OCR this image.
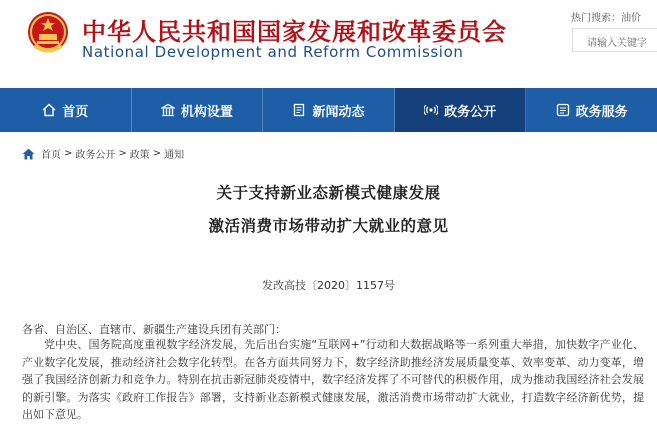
中华人民共和国国家发展和改革委员会
National Development and Reform Commission
热门搜索：油价
请输入关键字
首页	机构设置	新闻动态	政务公开	政务服务
首页 > 政务公开 > 政策 > 通知
关于支持新业态新模式健康发展
激活消费市场带动扩大就业的意见
发改高技〔2020〕1157号
各省、自治区、直辖市、新疆生产建设兵团有关部门：
党中央、国务院高度重视数字经济发展，先后出台实施“互联网+”行动和大数据战略等一系列重大举措，加快数字产业化、产业数字化发展，推动经济社会数字化转型。在各方面共同努力下，数字经济助推经济发展质量变革、效率变革、动力变革，增强了我国经济创新力和竞争力。特别在抗击新冠肺炎疫情中，数字经济发挥了不可替代的积极作用，成为推动我国经济社会发展的新引擎。为落实《政府工作报告》部署，支持新业态新模式健康发展，激活消费市场带动扩大就业，打造数字经济新优势，提出如下意见。
